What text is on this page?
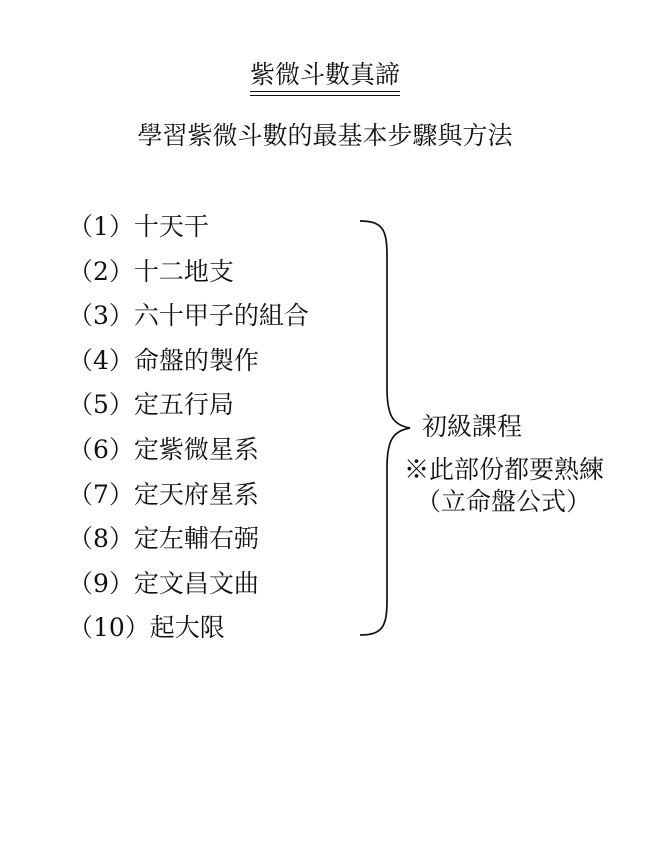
紫微斗數真諦
學習紫微斗數的最基本步驟與方法
（1）十天干
（2）十二地支
（3）六十甲子的組合
（4）命盤的製作
（5）定五行局
（6）定紫微星系
（7）定天府星系
（8）定左輔右弼
（9）定文昌文曲
（10）起大限
初級課程
※此部份都要熟練
（立命盤公式）
